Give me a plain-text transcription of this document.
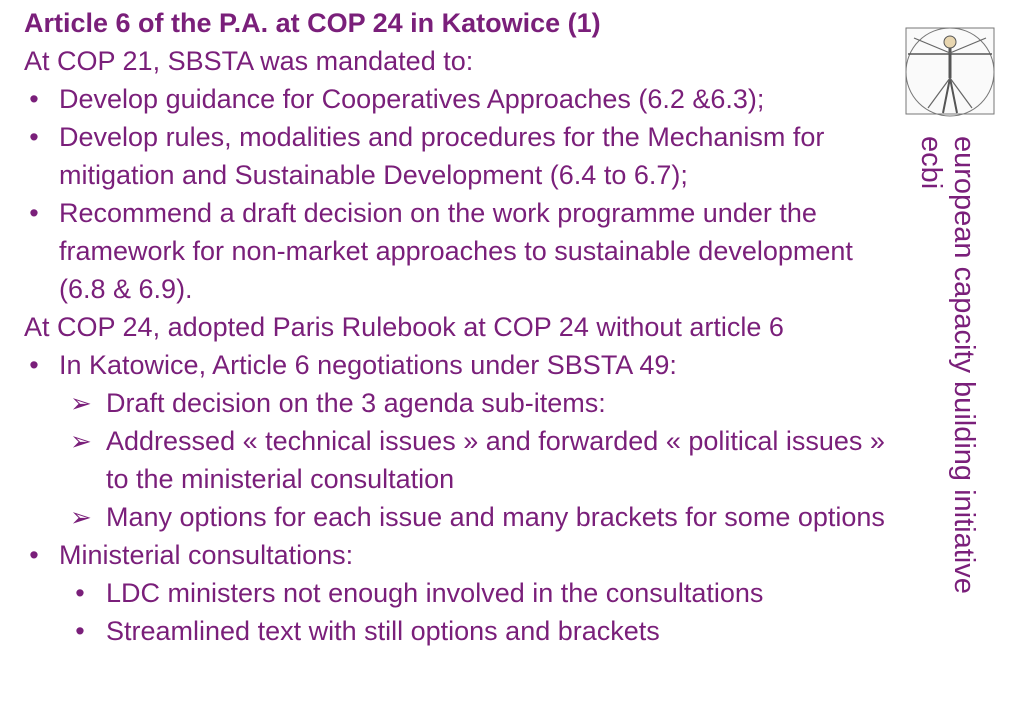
Article 6 of the P.A. at COP 24 in Katowice (1)

At COP 21, SBSTA was mandated to:

• Develop guidance for Cooperatives Approaches (6.2 &6.3);
• Develop rules, modalities and procedures for the Mechanism for mitigation and Sustainable Development (6.4 to 6.7);
• Recommend a draft decision on the work programme under the framework for non-market approaches to sustainable development (6.8 & 6.9).

At COP 24, adopted Paris Rulebook at COP 24 without article 6

• In Katowice, Article 6 negotiations under SBSTA 49:
➢ Draft decision on the 3 agenda sub-items:
➢ Addressed « technical issues » and forwarded « political issues » to the ministerial consultation
➢ Many options for each issue and many brackets for some options
• Ministerial consultations:
• LDC ministers not enough involved in the consultations
• Streamlined text with still options and brackets
european capacity building initiative
ecbi
